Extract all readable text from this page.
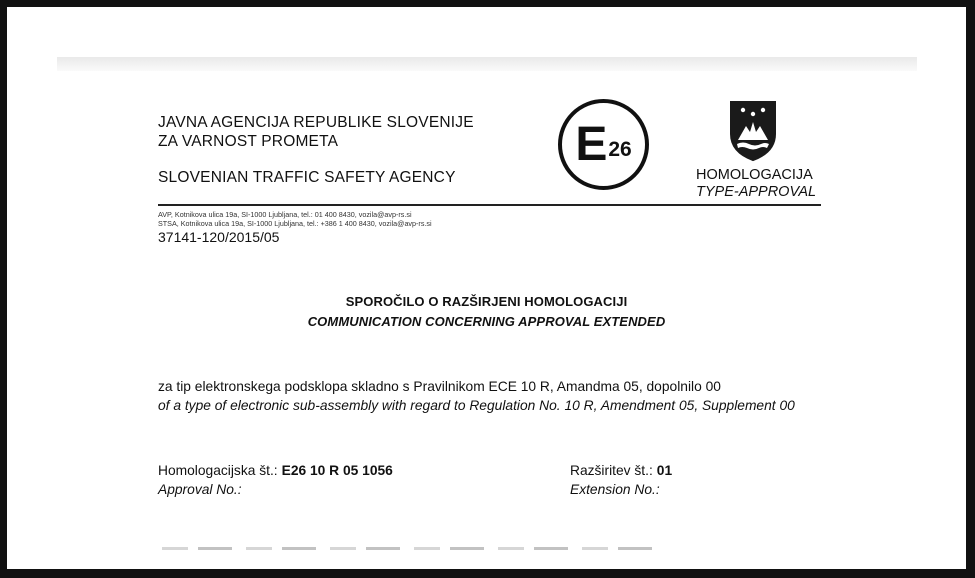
JAVNA AGENCIJA REPUBLIKE SLOVENIJE
ZA VARNOST PROMETA
SLOVENIAN TRAFFIC SAFETY AGENCY
E 26
HOMOLOGACIJA
TYPE-APPROVAL
AVP, Kotnikova ulica 19a, SI-1000 Ljubljana, tel.: 01 400 8430, vozila@avp-rs.si
STSA, Kotnikova ulica 19a, SI-1000 Ljubljana, tel.: +386 1 400 8430, vozila@avp-rs.si
37141-120/2015/05
SPOROČILO O RAZŠIRJENI HOMOLOGACIJI
COMMUNICATION CONCERNING APPROVAL EXTENDED
za tip elektronskega podsklopa skladno s Pravilnikom ECE 10 R, Amandma 05, dopolnilo 00
of a type of electronic sub-assembly with regard to Regulation No. 10 R, Amendment 05, Supplement 00
Homologacijska št.: E26 10 R 05 1056
Approval No.:
Razširitev št.: 01
Extension No.:
